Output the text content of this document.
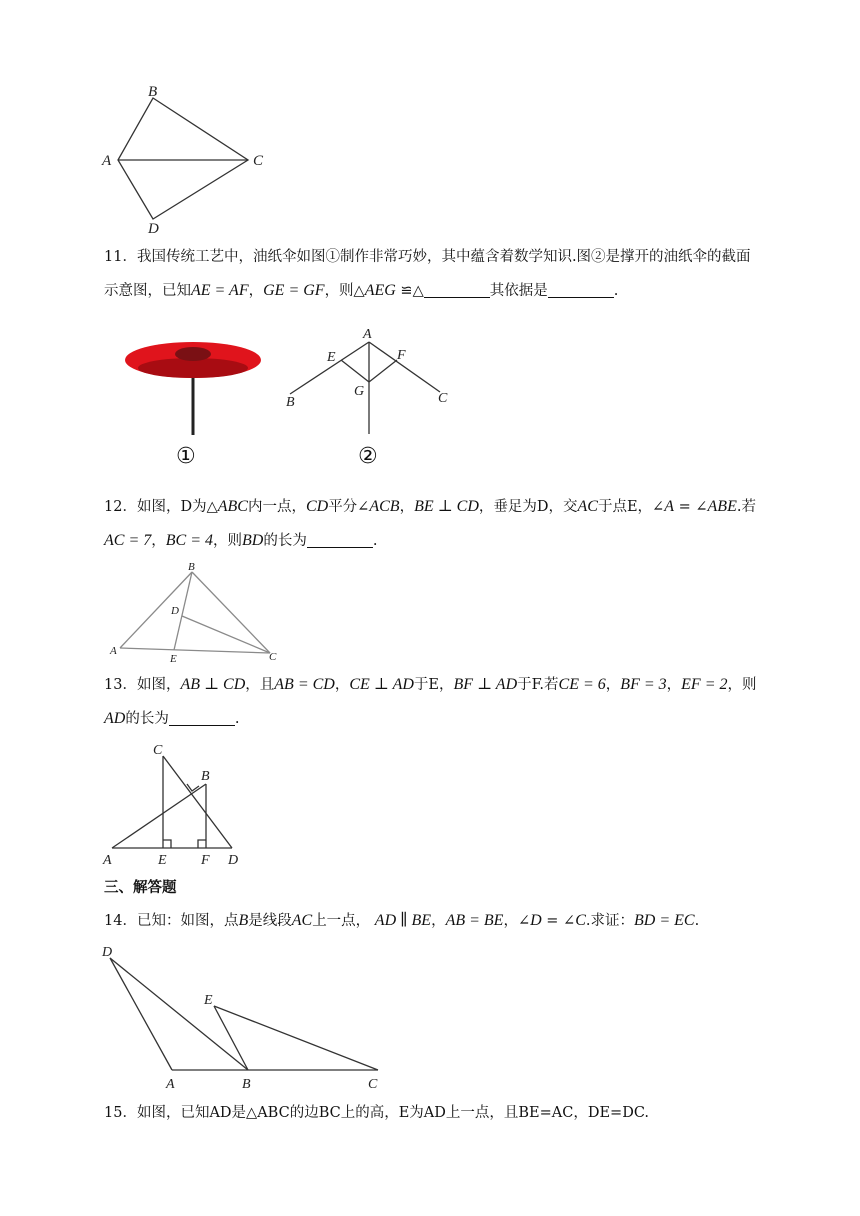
B
A	C
D

11．我国传统工艺中，油纸伞如图①制作非常巧妙，其中蕴含着数学知识.图②是撑开的油纸伞的截面示意图，已知AE = AF，GE = GF，则△AEG ≌△	其依据是	.

①
A
E	F
G
B	C
②

12．如图，D为△ABC内一点，CD平分∠ACB，BE ⊥ CD，垂足为D，交AC于点E，∠A = ∠ABE.若AC = 7，BC = 4，则BD的长为	.

B
D
A
E	C

13．如图，AB ⊥ CD，且AB = CD，CE ⊥ AD于E，BF ⊥ AD于F.若CE = 6，BF = 3，EF = 2，则AD的长为	.

C
B
A	E F D

三、解答题

14．已知：如图，点B是线段AC上一点， AD ∥ BE，AB = BE，∠D = ∠C.求证：BD = EC.

D
E
A	B	C

15．如图，已知AD是△ABC的边BC上的高，E为AD上一点，且BE=AC，DE=DC.
